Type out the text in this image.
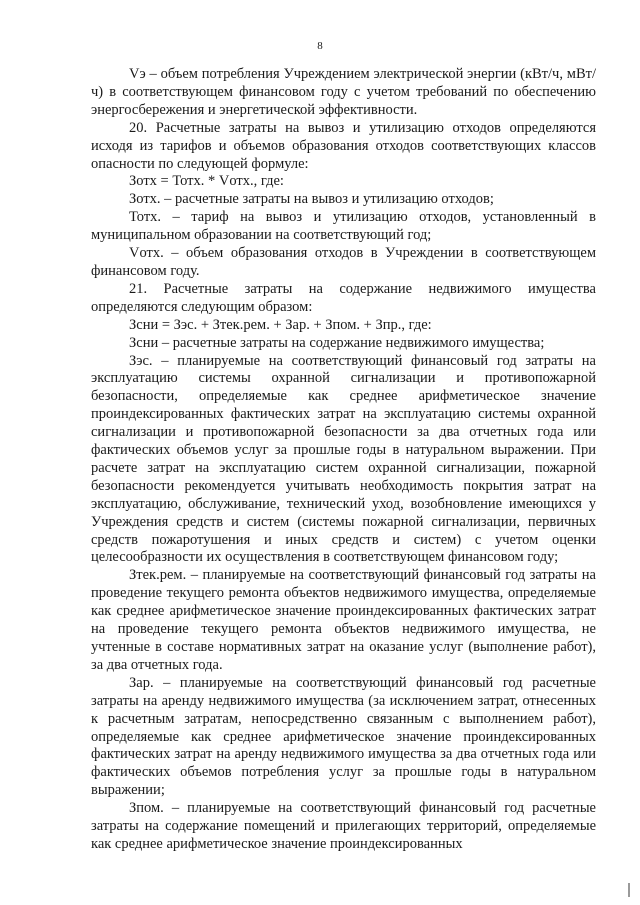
8

Vэ – объем потребления Учреждением электрической энергии (кВт/ч, мВт/ч) в соответствующем финансовом году с учетом требований по обеспечению энергосбережения и энергетической эффективности.

20. Расчетные затраты на вывоз и утилизацию отходов определяются исходя из тарифов и объемов образования отходов соответствующих классов опасности по следующей формуле:

Зотх = Тотх. * Vотх., где:

Зотх. – расчетные затраты на вывоз и утилизацию отходов;

Тотх. – тариф на вывоз и утилизацию отходов, установленный в муниципальном образовании на соответствующий год;

Vотх. – объем образования отходов в Учреждении в соответствующем финансовом году.

21. Расчетные затраты на содержание недвижимого имущества определяются следующим образом:

Зсни = Зэс. + Зтек.рем. + Зар. + Зпом. + Зпр., где:

Зсни – расчетные затраты на содержание недвижимого имущества;

Зэс. – планируемые на соответствующий финансовый год затраты на эксплуатацию системы охранной сигнализации и противопожарной безопасности, определяемые как среднее арифметическое значение проиндексированных фактических затрат на эксплуатацию системы охранной сигнализации и противопожарной безопасности за два отчетных года или фактических объемов услуг за прошлые годы в натуральном выражении. При расчете затрат на эксплуатацию систем охранной сигнализации, пожарной безопасности рекомендуется учитывать необходимость покрытия затрат на эксплуатацию, обслуживание, технический уход, возобновление имеющихся у Учреждения средств и систем (системы пожарной сигнализации, первичных средств пожаротушения и иных средств и систем) с учетом оценки целесообразности их осуществления в соответствующем финансовом году;

Зтек.рем. – планируемые на соответствующий финансовый год затраты на проведение текущего ремонта объектов недвижимого имущества, определяемые как среднее арифметическое значение проиндексированных фактических затрат на проведение текущего ремонта объектов недвижимого имущества, не учтенные в составе нормативных затрат на оказание услуг (выполнение работ), за два отчетных года.

Зар. – планируемые на соответствующий финансовый год расчетные затраты на аренду недвижимого имущества (за исключением затрат, отнесенных к расчетным затратам, непосредственно связанным с выполнением работ), определяемые как среднее арифметическое значение проиндексированных фактических затрат на аренду недвижимого имущества за два отчетных года или фактических объемов потребления услуг за прошлые годы в натуральном выражении;

Зпом. – планируемые на соответствующий финансовый год расчетные затраты на содержание помещений и прилегающих территорий, определяемые как среднее арифметическое значение проиндексированных
